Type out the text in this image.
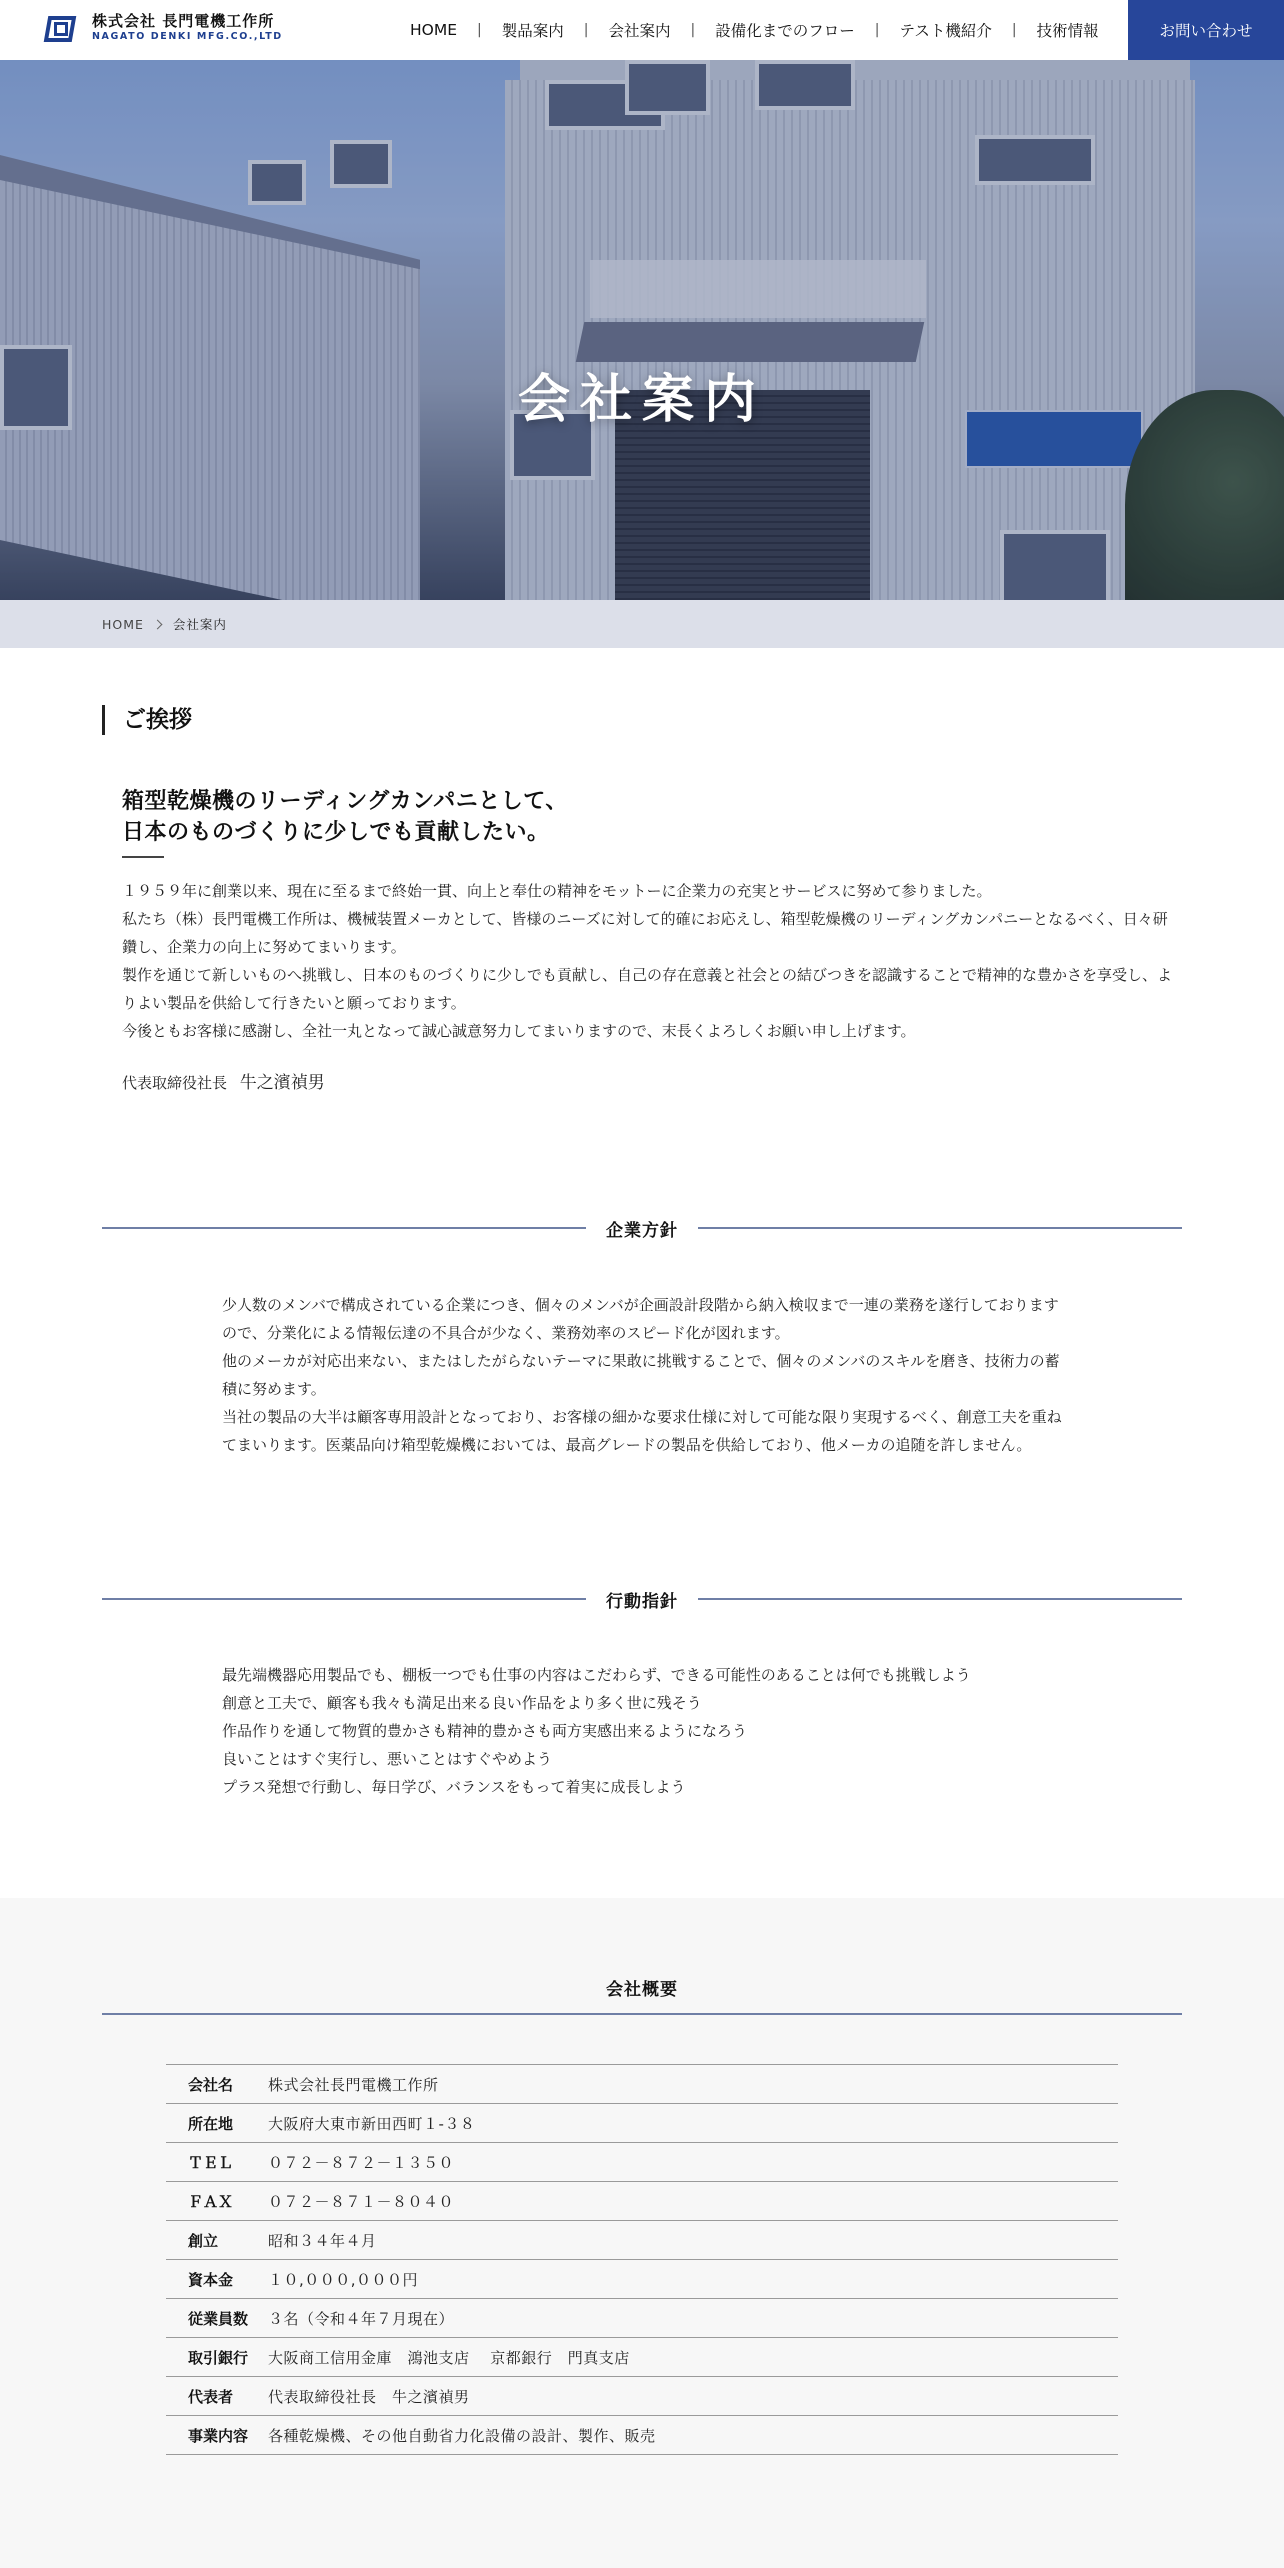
株式会社 長門電機工作所
NAGATO DENKI MFG.CO.,LTD	HOME | 製品案内 | 会社案内 | 設備化までのフロー | テスト機紹介 | 技術情報	お問い合わせ
会社案内
HOME 会社案内
ご挨拶
箱型乾燥機のリーディングカンパニとして、
日本のものづくりに少しでも貢献したい。

１９５９年に創業以来、現在に至るまで終始一貫、向上と奉仕の精神をモットーに企業力の充実とサービスに努めて参りました。

私たち（株）長門電機工作所は、機械装置メーカとして、皆様のニーズに対して的確にお応えし、箱型乾燥機のリーディングカンパニーとなるべく、日々研鑽し、企業力の向上に努めてまいります。

製作を通じて新しいものへ挑戦し、日本のものづくりに少しでも貢献し、自己の存在意義と社会との結びつきを認識することで精神的な豊かさを享受し、よりよい製品を供給して行きたいと願っております。

今後ともお客様に感謝し、全社一丸となって誠心誠意努力してまいりますので、末長くよろしくお願い申し上げます。

代表取締役社長 牛之濱禎男
企業方針

少人数のメンバで構成されている企業につき、個々のメンバが企画設計段階から納入検収まで一連の業務を遂行しておりますので、分業化による情報伝達の不具合が少なく、業務効率のスピード化が図れます。

他のメーカが対応出来ない、またはしたがらないテーマに果敢に挑戦することで、個々のメンバのスキルを磨き、技術力の蓄積に努めます。

当社の製品の大半は顧客専用設計となっており、お客様の細かな要求仕様に対して可能な限り実現するべく、創意工夫を重ねてまいります。医薬品向け箱型乾燥機においては、最高グレードの製品を供給しており、他メーカの追随を許しません。

行動指針

最先端機器応用製品でも、棚板一つでも仕事の内容はこだわらず、できる可能性のあることは何でも挑戦しよう

創意と工夫で、顧客も我々も満足出来る良い作品をより多く世に残そう

作品作りを通して物質的豊かさも精神的豊かさも両方実感出来るようになろう

良いことはすぐ実行し、悪いことはすぐやめよう

プラス発想で行動し、毎日学び、バランスをもって着実に成長しよう

会社概要
会社名	株式会社長門電機工作所
所在地	大阪府大東市新田西町１-３８
ＴＥＬ	０７２－８７２－１３５０
ＦＡＸ	０７２－８７１－８０４０
創立	昭和３４年４月
資本金	１０,０００,０００円
従業員数	３名（令和４年７月現在）
取引銀行	大阪商工信用金庫　鴻池支店　 京都銀行　門真支店
代表者	代表取締役社長　牛之濱禎男
事業内容	各種乾燥機、その他自動省力化設備の設計、製作、販売
